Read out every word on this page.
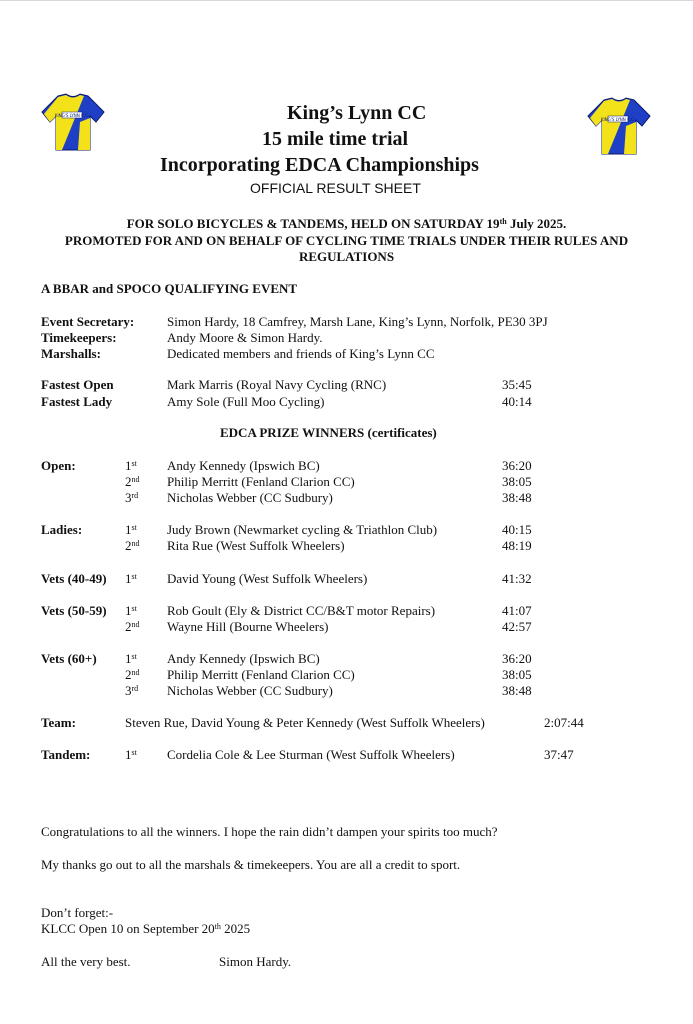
KING'S LYNN C.C.
KING'S LYNN C.C.
King’s Lynn CC
15 mile time trial
Incorporating EDCA Championships
OFFICIAL RESULT SHEET
FOR SOLO BICYCLES & TANDEMS, HELD ON SATURDAY 19th July 2025.
PROMOTED FOR AND ON BEHALF OF CYCLING TIME TRIALS UNDER THEIR RULES AND
REGULATIONS
A BBAR and SPOCO QUALIFYING EVENT
Event Secretary:	Simon Hardy, 18 Camfrey, Marsh Lane, King’s Lynn, Norfolk, PE30 3PJ
Timekeepers:	Andy Moore & Simon Hardy.
Marshalls:	Dedicated members and friends of King’s Lynn CC
Fastest Open	Mark Marris (Royal Navy Cycling (RNC)	35:45
Fastest Lady	Amy Sole (Full Moo Cycling)	40:14
EDCA PRIZE WINNERS (certificates)
Open:	1st Andy Kennedy (Ipswich BC)	36:20
2nd Philip Merritt (Fenland Clarion CC)	38:05
3rd Nicholas Webber (CC Sudbury)	38:48
Ladies:	1st Judy Brown (Newmarket cycling & Triathlon Club)	40:15
2nd Rita Rue (West Suffolk Wheelers)	48:19
Vets (40-49) 1st David Young (West Suffolk Wheelers)	41:32
Vets (50-59) 1st Rob Goult (Ely & District CC/B&T motor Repairs)	41:07
2nd Wayne Hill (Bourne Wheelers)	42:57
Vets (60+) 1st Andy Kennedy (Ipswich BC)	36:20
2nd Philip Merritt (Fenland Clarion CC)	38:05
3rd Nicholas Webber (CC Sudbury)	38:48
Team:	Steven Rue, David Young & Peter Kennedy (West Suffolk Wheelers)	2:07:44
Tandem:	1st Cordelia Cole & Lee Sturman (West Suffolk Wheelers)	37:47
Congratulations to all the winners. I hope the rain didn’t dampen your spirits too much?
My thanks go out to all the marshals & timekeepers. You are all a credit to sport.
Don’t forget:-
KLCC Open 10 on September 20th 2025
All the very best.	Simon Hardy.
